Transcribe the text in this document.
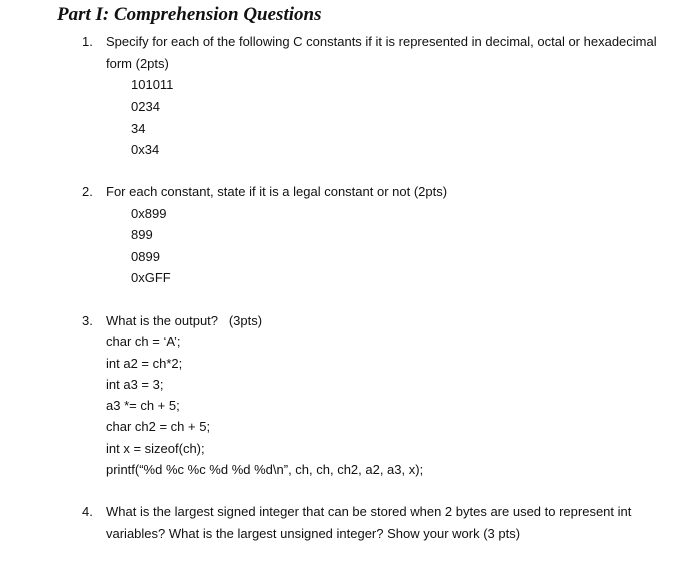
Part I: Comprehension Questions
1. Specify for each of the following C constants if it is represented in decimal, octal or hexadecimal
form (2pts)
101011
0234
34
0x34
2. For each constant, state if it is a legal constant or not (2pts)
0x899
899
0899
0xGFF
3. What is the output?   (3pts)
char ch = ‘A’;
int a2 = ch*2;
int a3 = 3;
a3 *= ch + 5;
char ch2 = ch + 5;
int x = sizeof(ch);
printf(“%d %c %c %d %d %d\n”, ch, ch, ch2, a2, a3, x);
4. What is the largest signed integer that can be stored when 2 bytes are used to represent int
variables? What is the largest unsigned integer? Show your work (3 pts)
